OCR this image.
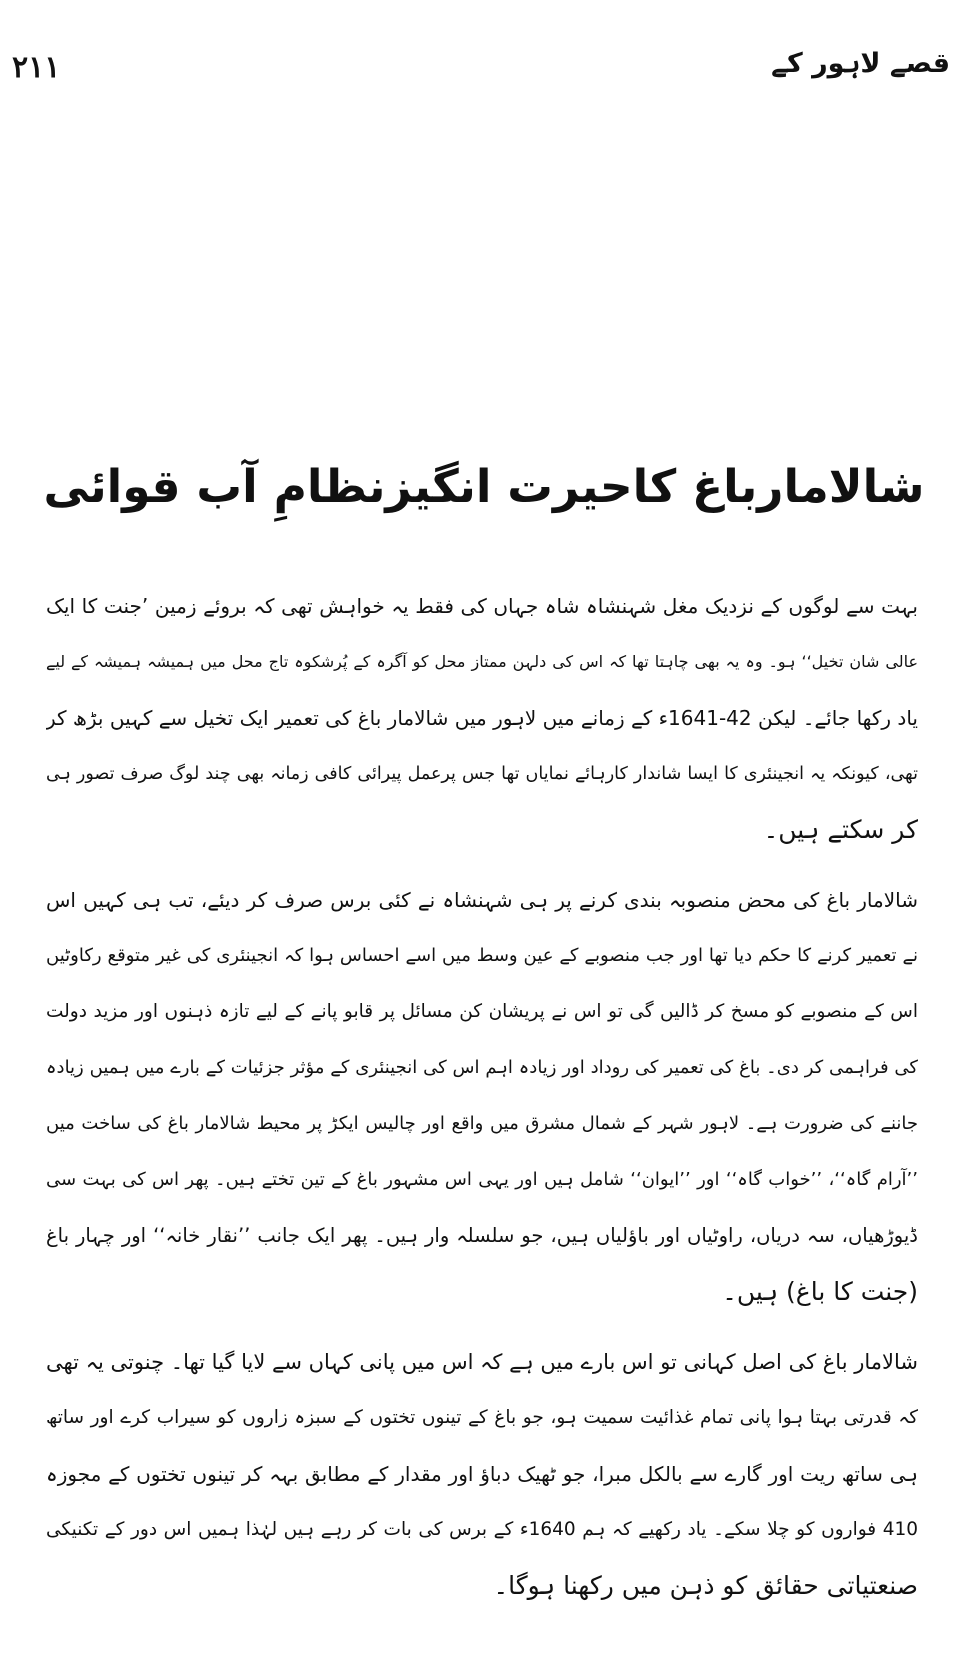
۲۱۱	قصے لاہور کے
شالامارباغ کاحیرت انگیزنظامِ آب قوائی
بہت سے لوگوں کے نزدیک مغل شہنشاہ شاہ جہاں کی فقط یہ خواہش تھی کہ بروئے زمین ’جنت کا ایک
عالی شان تخیل‘‘ ہو۔ وہ یہ بھی چاہتا تھا کہ اس کی دلہن ممتاز محل کو آگرہ کے پُرشکوہ تاج محل میں ہمیشہ ہمیشہ کے لیے
یاد رکھا جائے۔ لیکن 42-1641ء کے زمانے میں لاہور میں شالامار باغ کی تعمیر ایک تخیل سے کہیں بڑھ کر
تھی، کیونکہ یہ انجینئری کا ایسا شاندار کارہائے نمایاں تھا جس پرعمل پیرائی کافی زمانہ بھی چند لوگ صرف تصور ہی
کر سکتے ہیں۔
شالامار باغ کی محض منصوبہ بندی کرنے پر ہی شہنشاہ نے کئی برس صرف کر دیئے، تب ہی کہیں اس
نے تعمیر کرنے کا حکم دیا تھا اور جب منصوبے کے عین وسط میں اسے احساس ہوا کہ انجینئری کی غیر متوقع رکاوٹیں
اس کے منصوبے کو مسخ کر ڈالیں گی تو اس نے پریشان کن مسائل پر قابو پانے کے لیے تازہ ذہنوں اور مزید دولت
کی فراہمی کر دی۔ باغ کی تعمیر کی روداد اور زیادہ اہم اس کی انجینئری کے مؤثر جزئیات کے بارے میں ہمیں زیادہ
جاننے کی ضرورت ہے۔ لاہور شہر کے شمال مشرق میں واقع اور چالیس ایکڑ پر محیط شالامار باغ کی ساخت میں
’’آرام گاہ‘‘، ’’خواب گاہ‘‘ اور ’’ایوان‘‘ شامل ہیں اور یہی اس مشہور باغ کے تین تختے ہیں۔ پھر اس کی بہت سی
ڈیوڑھیاں، سہ دریاں، راوٹیاں اور باؤلیاں ہیں، جو سلسلہ وار ہیں۔ پھر ایک جانب ’’نقار خانہ‘‘ اور چہار باغ
(جنت کا باغ) ہیں۔
شالامار باغ کی اصل کہانی تو اس بارے میں ہے کہ اس میں پانی کہاں سے لایا گیا تھا۔ چنوتی یہ تھی
کہ قدرتی بہتا ہوا پانی تمام غذائیت سمیت ہو، جو باغ کے تینوں تختوں کے سبزہ زاروں کو سیراب کرے اور ساتھ
ہی ساتھ ریت اور گارے سے بالکل مبرا، جو ٹھیک دباؤ اور مقدار کے مطابق بہہ کر تینوں تختوں کے مجوزہ
410 فواروں کو چلا سکے۔ یاد رکھیے کہ ہم 1640ء کے برس کی بات کر رہے ہیں لہٰذا ہمیں اس دور کے تکنیکی
صنعتیاتی حقائق کو ذہن میں رکھنا ہوگا۔
